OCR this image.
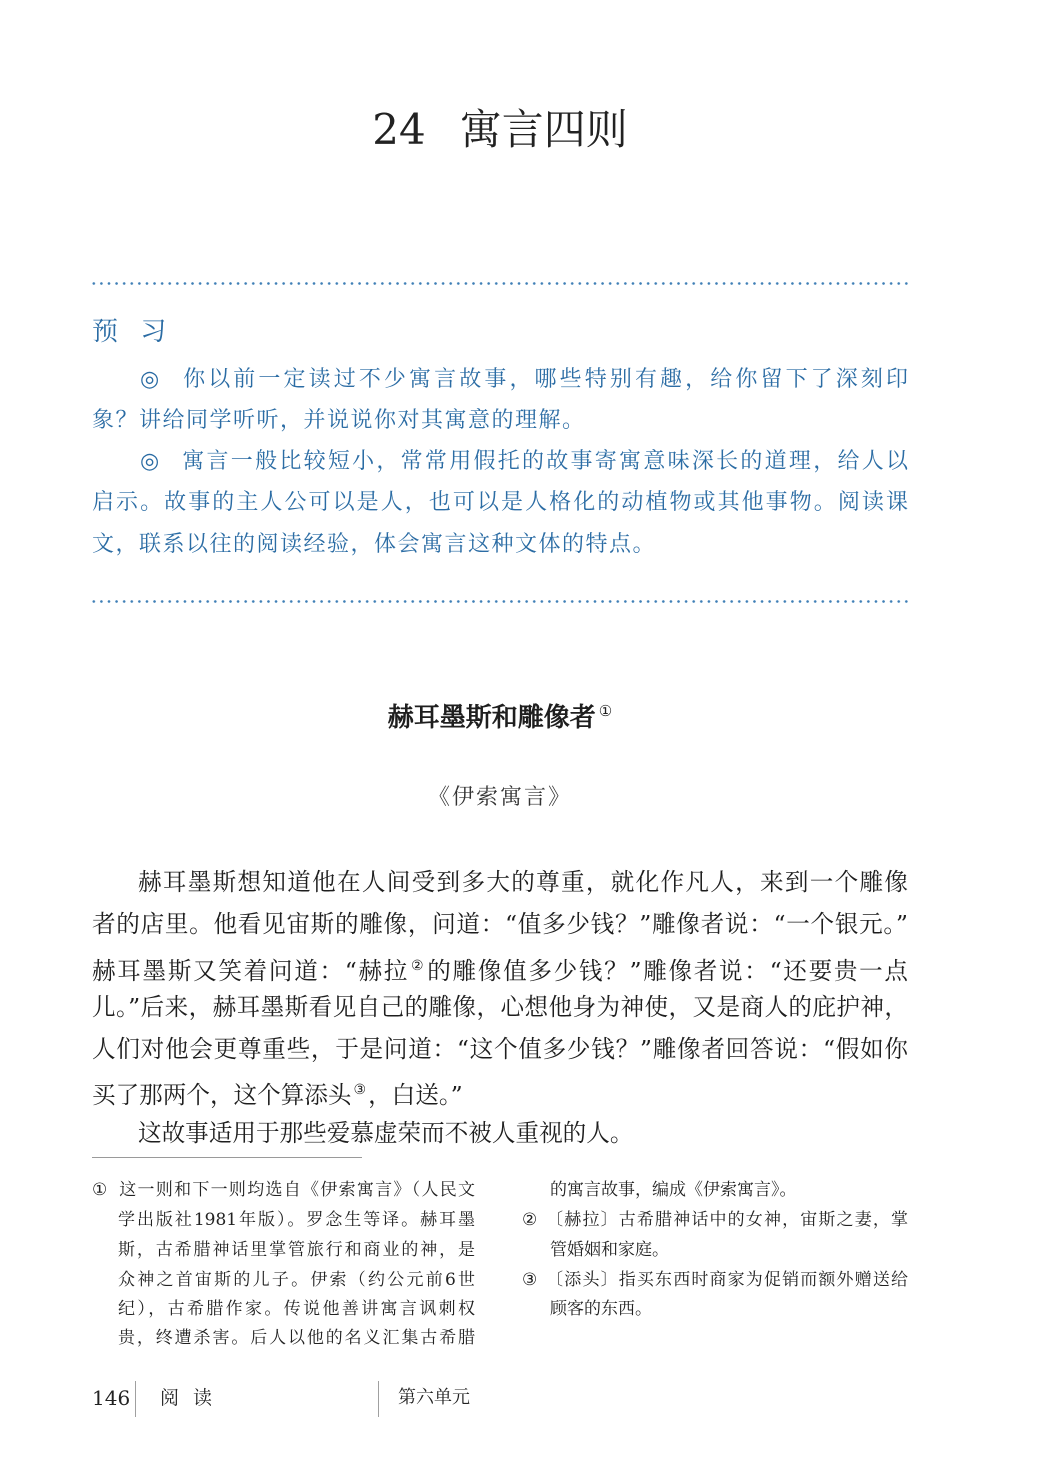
24 寓言四则
预 习
◎ 你以前一定读过不少寓言故事，哪些特别有趣，给你留下了深刻印
象？讲给同学听听，并说说你对其寓意的理解。
◎ 寓言一般比较短小，常常用假托的故事寄寓意味深长的道理，给人以
启示。故事的主人公可以是人，也可以是人格化的动植物或其他事物。阅读课
文，联系以往的阅读经验，体会寓言这种文体的特点。
赫耳墨斯和雕像者 ①
《伊索寓言》
赫耳墨斯想知道他在人间受到多大的尊重，就化作凡人，来到一个雕像
者的店里。他看见宙斯的雕像，问道：“值多少钱？”雕像者说：“一个银元。”
赫耳墨斯又笑着问道：“赫拉 ②的雕像值多少钱？”雕像者说：“还要贵一点
儿。”后来，赫耳墨斯看见自己的雕像，心想他身为神使，又是商人的庇护神，
人们对他会更尊重些，于是问道：“这个值多少钱？”雕像者回答说：“假如你
买了那两个，这个算添头 ③，白送。”
这故事适用于那些爱慕虚荣而不被人重视的人。
① 这一则和下一则均选自《伊索寓言》（人民文
学出版社1981年版）。罗念生等译。赫耳墨
斯，古希腊神话里掌管旅行和商业的神，是
众神之首宙斯的儿子。伊索（约公元前6世
纪），古希腊作家。传说他善讲寓言讽刺权
贵，终遭杀害。后人以他的名义汇集古希腊
的寓言故事，编成《伊索寓言》。
② 〔赫拉〕古希腊神话中的女神，宙斯之妻，掌
管婚姻和家庭。
③ 〔添头〕指买东西时商家为促销而额外赠送给
顾客的东西。
146 阅 读	第六单元
